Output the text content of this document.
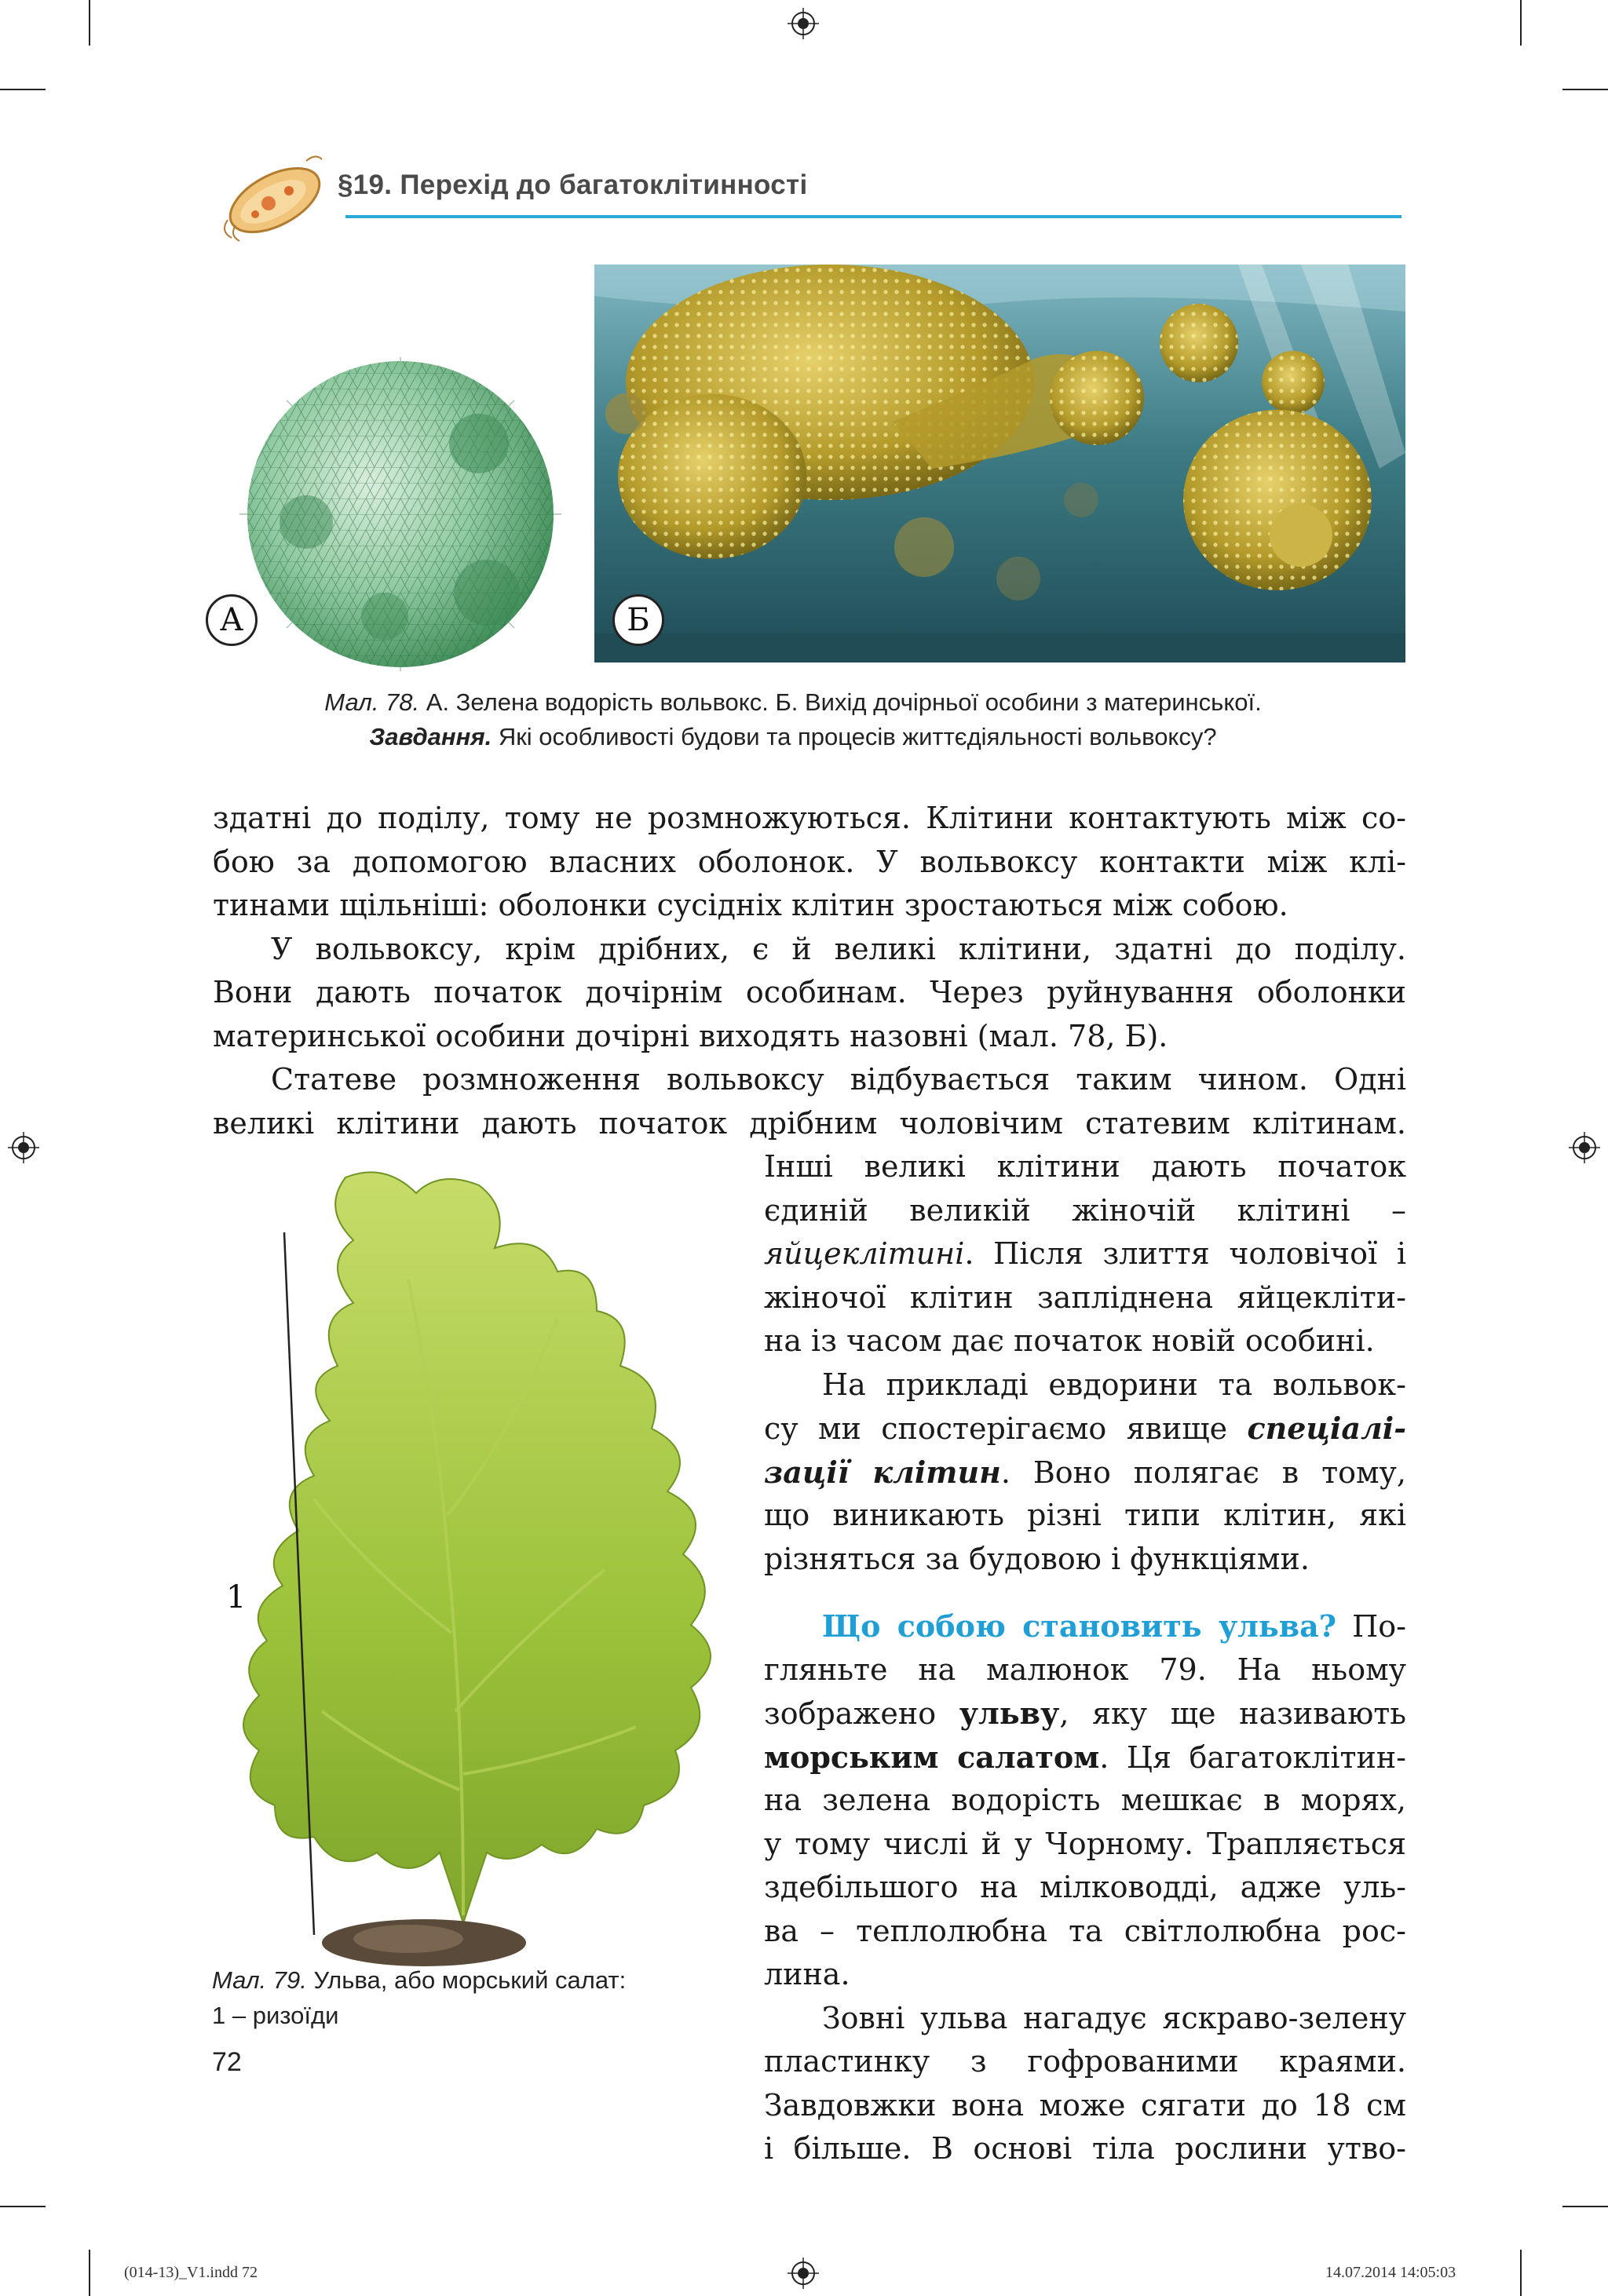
§19. Перехід до багатоклітинності
А	Б
Мал. 78. А. Зелена водорість вольвокс. Б. Вихід дочірньої особини з материнської.
Завдання. Які особливості будови та процесів життєдіяльності вольвоксу?
здатні до поділу, тому не розмножуються. Клітини контактують між со-
бою за допомогою власних оболонок. У вольвоксу контакти між клі-
тинами щільніші: оболонки сусідніх клітин зростаються між собою.
У вольвоксу, крім дрібних, є й великі клітини, здатні до поділу.
Вони дають початок дочірнім особинам. Через руйнування оболонки
материнської особини дочірні виходять назовні (мал. 78, Б).
Статеве розмноження вольвоксу відбувається таким чином. Одні
великі клітини дають початок дрібним чоловічим статевим клітинам.
Інші великі клітини дають початок
єдиній великій жіночій клітині –
яйцеклітині. Після злиття чоловічої і
жіночої клітин запліднена яйцекліти-
на із часом дає початок новій особині.
На прикладі евдорини та вольвок-
су ми спостерігаємо явище спеціалі-
зації клітин. Воно полягає в тому,
що виникають різні типи клітин, які
різняться за будовою і функціями.
Що собою становить ульва? По-
гляньте на малюнок 79. На ньому
зображено ульву, яку ще називають
морським салатом. Ця багатоклітин-
на зелена водорість мешкає в морях,
у тому числі й у Чорному. Трапляється
здебільшого на мілководді, адже уль-
ва – теплолюбна та світлолюбна рос-
лина.
Зовні ульва нагадує яскраво-зелену
пластинку з гофрованими краями.
Завдовжки вона може сягати до 18 см
і більше. В основі тіла рослини утво-
1
Мал. 79. Ульва, або морський салат:
1 – ризоїди
72
(014-13)_V1.indd 72	14.07.2014 14:05:03
